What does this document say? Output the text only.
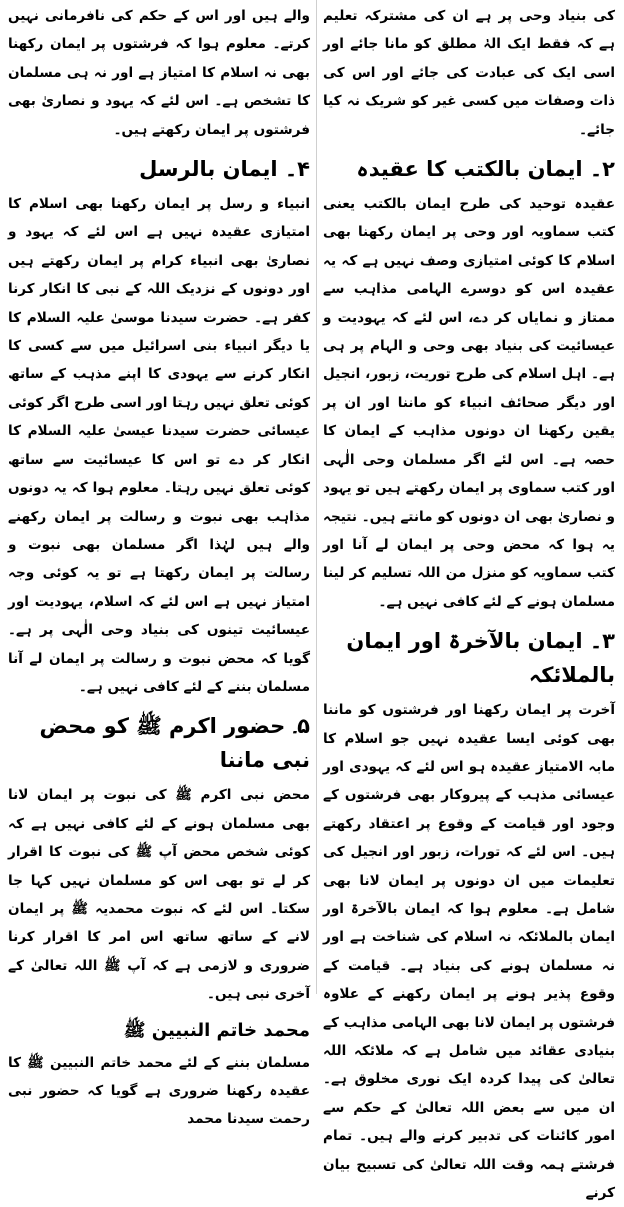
کی بنیاد وحی پر ہے ان کی مشترکہ تعلیم ہے کہ فقط ایک الہٰ مطلق کو مانا جائے اور اسی ایک کی عبادت کی جائے اور اس کی ذات وصفات میں کسی غیر کو شریک نہ کیا جائے۔

۲۔ ایمان بالکتب کا عقیدہ

عقیدہ توحید کی طرح ایمان بالکتب یعنی کتب سماویہ اور وحی پر ایمان رکھنا بھی اسلام کا کوئی امتیازی وصف نہیں ہے کہ یہ عقیدہ اس کو دوسرے الہامی مذاہب سے ممتاز و نمایاں کر دے، اس لئے کہ یہودیت و عیسائیت کی بنیاد بھی وحی و الہام پر ہی ہے۔ اہل اسلام کی طرح توریت، زبور، انجیل اور دیگر صحائف انبیاء کو ماننا اور ان پر یقین رکھنا ان دونوں مذاہب کے ایمان کا حصہ ہے۔ اس لئے اگر مسلمان وحی الٰہی اور کتب سماوی پر ایمان رکھتے ہیں تو یہود و نصاریٰ بھی ان دونوں کو مانتے ہیں۔ نتیجہ یہ ہوا کہ محض وحی پر ایمان لے آنا اور کتب سماویہ کو منزل من اللہ تسلیم کر لینا مسلمان ہونے کے لئے کافی نہیں ہے۔

۳۔ ایمان بالآخرۃ اور ایمان بالملائکہ

آخرت پر ایمان رکھنا اور فرشتوں کو ماننا بھی کوئی ایسا عقیدہ نہیں جو اسلام کا مابہ الامتیاز عقیدہ ہو اس لئے کہ یہودی اور عیسائی مذہب کے پیروکار بھی فرشتوں کے وجود اور قیامت کے وقوع پر اعتقاد رکھتے ہیں۔ اس لئے کہ تورات، زبور اور انجیل کی تعلیمات میں ان دونوں پر ایمان لانا بھی شامل ہے۔ معلوم ہوا کہ ایمان بالآخرۃ اور ایمان بالملائکہ نہ اسلام کی شناخت ہے اور نہ مسلمان ہونے کی بنیاد ہے۔ قیامت کے وقوع پذیر ہونے پر ایمان رکھنے کے علاوہ فرشتوں پر ایمان لانا بھی الہامی مذاہب کے بنیادی عقائد میں شامل ہے کہ ملائکہ اللہ تعالیٰ کی پیدا کردہ ایک نوری مخلوق ہے۔ ان میں سے بعض اللہ تعالیٰ کے حکم سے امور کائنات کی تدبیر کرنے والے ہیں۔ تمام فرشتے ہمہ وقت اللہ تعالیٰ کی تسبیح بیان کرنے

والے ہیں اور اس کے حکم کی نافرمانی نہیں کرتے۔ معلوم ہوا کہ فرشتوں پر ایمان رکھنا بھی نہ اسلام کا امتیاز ہے اور نہ ہی مسلمان کا تشخص ہے۔ اس لئے کہ یہود و نصاریٰ بھی فرشتوں پر ایمان رکھتے ہیں۔

۴۔ ایمان بالرسل

انبیاء و رسل پر ایمان رکھنا بھی اسلام کا امتیازی عقیدہ نہیں ہے اس لئے کہ یہود و نصاریٰ بھی انبیاء کرام پر ایمان رکھتے ہیں اور دونوں کے نزدیک اللہ کے نبی کا انکار کرنا کفر ہے۔ حضرت سیدنا موسیٰ علیہ السلام کا یا دیگر انبیاء بنی اسرائیل میں سے کسی کا انکار کرنے سے یہودی کا اپنے مذہب کے ساتھ کوئی تعلق نہیں رہتا اور اسی طرح اگر کوئی عیسائی حضرت سیدنا عیسیٰ علیہ السلام کا انکار کر دے تو اس کا عیسائیت سے ساتھ کوئی تعلق نہیں رہتا۔ معلوم ہوا کہ یہ دونوں مذاہب بھی نبوت و رسالت پر ایمان رکھنے والے ہیں لہٰذا اگر مسلمان بھی نبوت و رسالت پر ایمان رکھتا ہے تو یہ کوئی وجہ امتیاز نہیں ہے اس لئے کہ اسلام، یہودیت اور عیسائیت تینوں کی بنیاد وحی الٰہی پر ہے۔ گویا کہ محض نبوت و رسالت پر ایمان لے آنا مسلمان بننے کے لئے کافی نہیں ہے۔

۵۔ حضور اکرم ﷺ کو محض نبی ماننا

محض نبی اکرم ﷺ کی نبوت پر ایمان لانا بھی مسلمان ہونے کے لئے کافی نہیں ہے کہ کوئی شخص محض آپ ﷺ کی نبوت کا اقرار کر لے تو بھی اس کو مسلمان نہیں کہا جا سکتا۔ اس لئے کہ نبوت محمدیہ ﷺ پر ایمان لانے کے ساتھ ساتھ اس امر کا اقرار کرنا ضروری و لازمی ہے کہ آپ ﷺ اللہ تعالیٰ کے آخری نبی ہیں۔

محمد خاتم النبیین ﷺ

مسلمان بننے کے لئے محمد خاتم النبیین ﷺ کا عقیدہ رکھنا ضروری ہے گویا کہ حضور نبی رحمت سیدنا محمد
